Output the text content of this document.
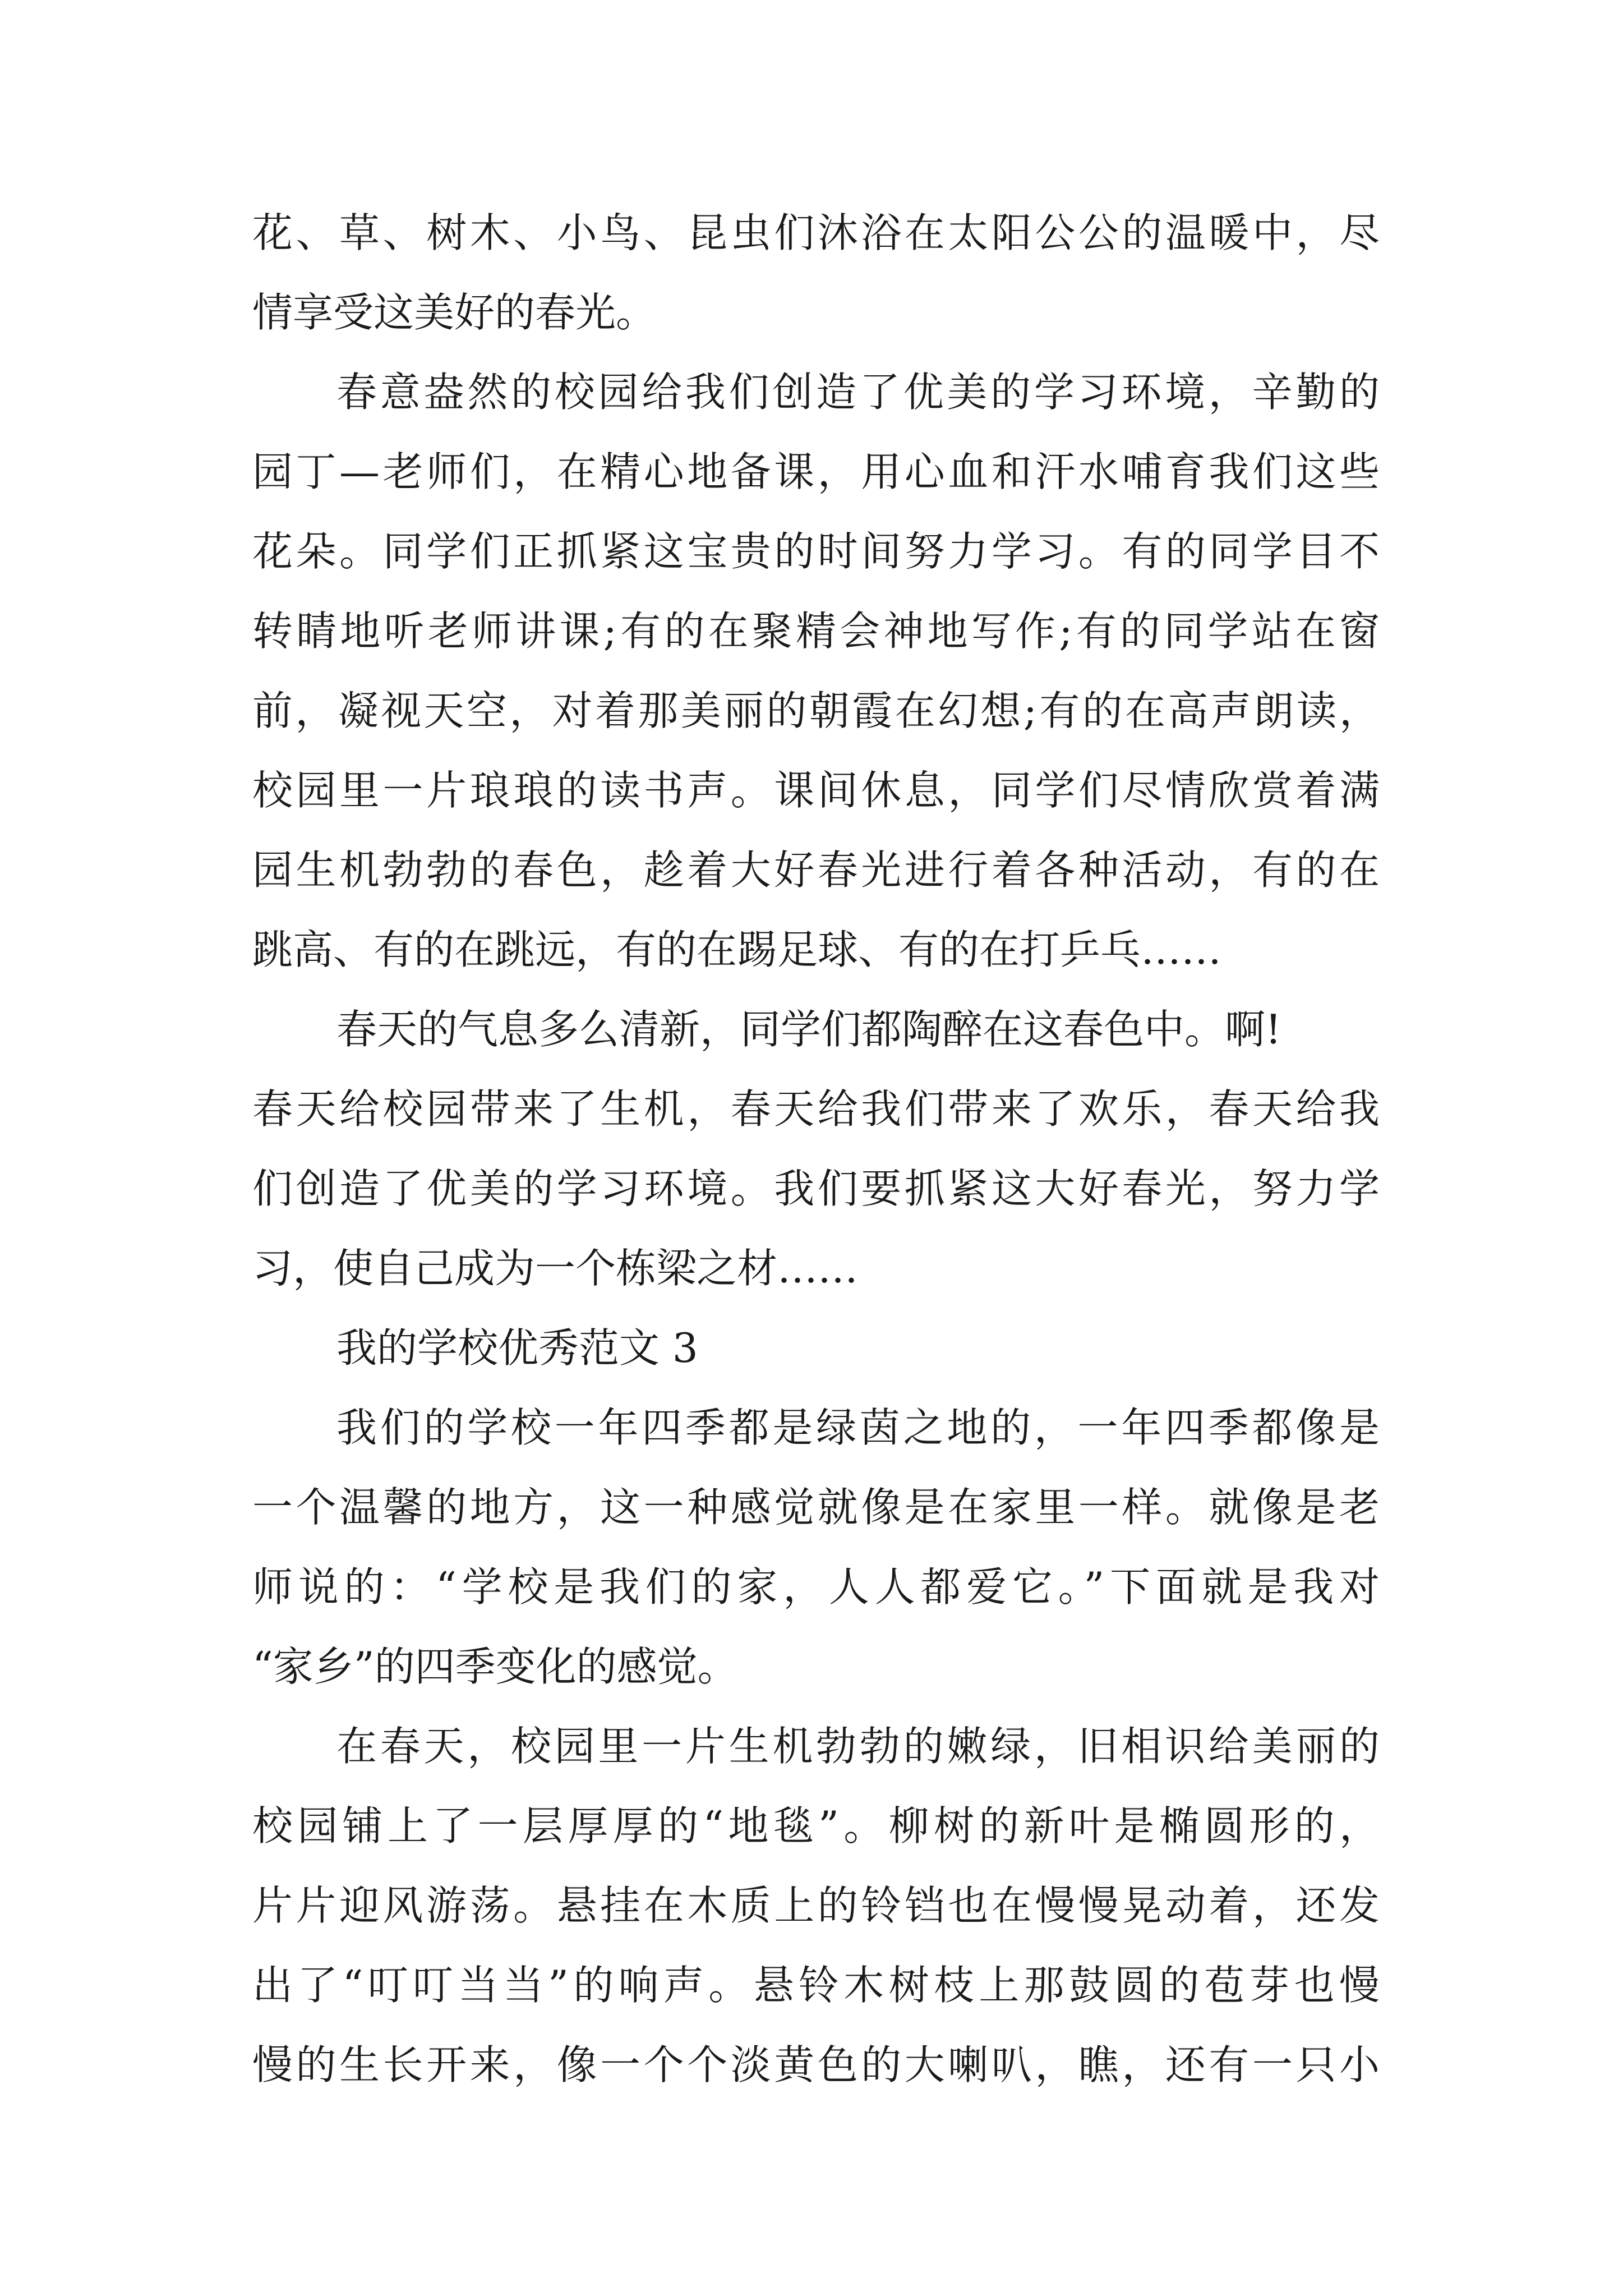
花、草、树木、小鸟、昆虫们沐浴在太阳公公的温暖中，尽
情享受这美好的春光。
春意盎然的校园给我们创造了优美的学习环境，辛勤的
园丁—老师们，在精心地备课，用心血和汗水哺育我们这些
花朵。同学们正抓紧这宝贵的时间努力学习。有的同学目不
转睛地听老师讲课;有的在聚精会神地写作;有的同学站在窗
前，凝视天空，对着那美丽的朝霞在幻想;有的在高声朗读，
校园里一片琅琅的读书声。课间休息，同学们尽情欣赏着满
园生机勃勃的春色，趁着大好春光进行着各种活动，有的在
跳高、有的在跳远，有的在踢足球、有的在打乒乓……
春天的气息多么清新，同学们都陶醉在这春色中。啊!
春天给校园带来了生机，春天给我们带来了欢乐，春天给我
们创造了优美的学习环境。我们要抓紧这大好春光，努力学
习，使自己成为一个栋梁之材……
我的学校优秀范文 3
我们的学校一年四季都是绿茵之地的，一年四季都像是
一个温馨的地方，这一种感觉就像是在家里一样。就像是老
师说的：“学校是我们的家，人人都爱它。”下面就是我对
“家乡”的四季变化的感觉。
在春天，校园里一片生机勃勃的嫩绿，旧相识给美丽的
校园铺上了一层厚厚的“地毯”。柳树的新叶是椭圆形的，
片片迎风游荡。悬挂在木质上的铃铛也在慢慢晃动着，还发
出了“叮叮当当”的响声。悬铃木树枝上那鼓圆的苞芽也慢
慢的生长开来，像一个个淡黄色的大喇叭，瞧，还有一只小
